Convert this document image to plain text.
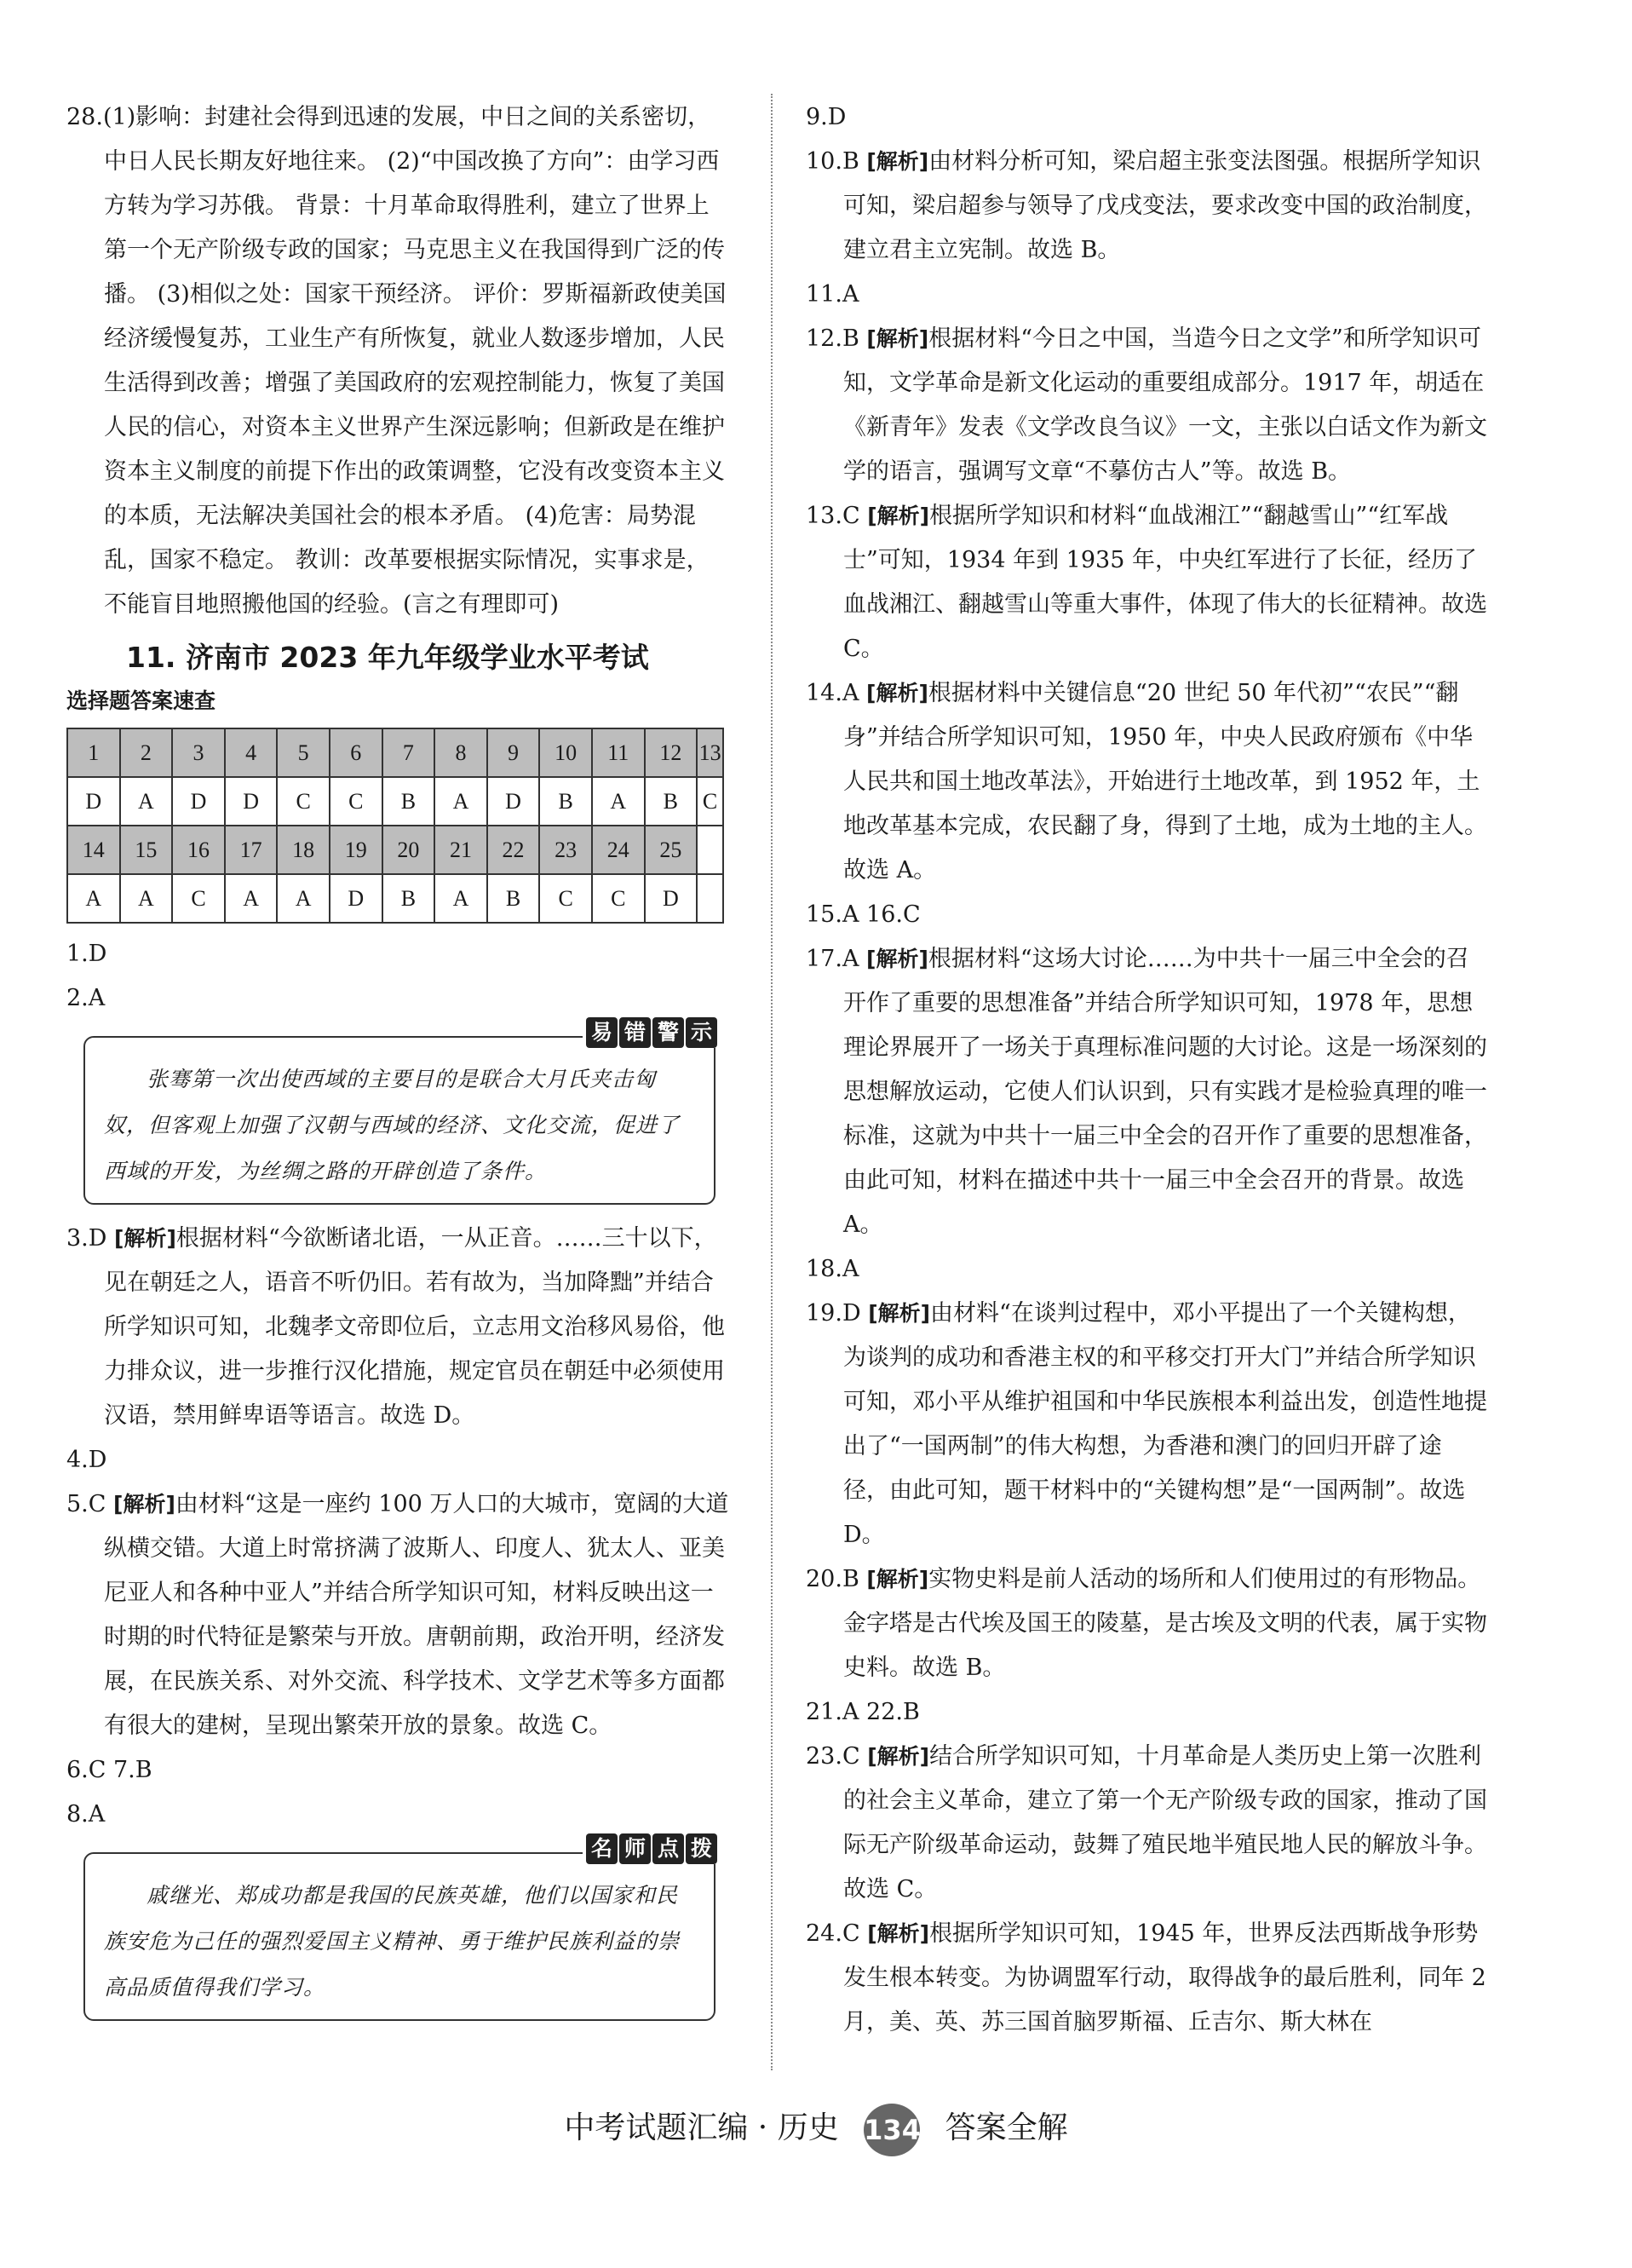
28.(1)影响：封建社会得到迅速的发展，中日之间的关系密切，中日人民长期友好地往来。 (2)“中国改换了方向”：由学习西方转为学习苏俄。 背景：十月革命取得胜利，建立了世界上第一个无产阶级专政的国家；马克思主义在我国得到广泛的传播。 (3)相似之处：国家干预经济。 评价：罗斯福新政使美国经济缓慢复苏，工业生产有所恢复，就业人数逐步增加，人民生活得到改善；增强了美国政府的宏观控制能力，恢复了美国人民的信心，对资本主义世界产生深远影响；但新政是在维护资本主义制度的前提下作出的政策调整，它没有改变资本主义的本质，无法解决美国社会的根本矛盾。 (4)危害：局势混乱，国家不稳定。 教训：改革要根据实际情况，实事求是，不能盲目地照搬他国的经验。(言之有理即可)

11. 济南市 2023 年九年级学业水平考试
选择题答案速查
1	2	3	4	5	6	7	8	9	10	11	12	13
D	A	D	D	C	C	B	A	D	B	A	B	C
14	15	16	17	18	19	20	21	22	23	24	25	
A	A	C	A	A	D	B	A	B	C	C	D	

1.D

2.A

易 错 警 示
张骞第一次出使西域的主要目的是联合大月氏夹击匈奴，但客观上加强了汉朝与西域的经济、文化交流，促进了西域的开发，为丝绸之路的开辟创造了条件。

3.D [解析]根据材料“今欲断诸北语，一从正音。……三十以下，见在朝廷之人，语音不听仍旧。若有故为，当加降黜”并结合所学知识可知，北魏孝文帝即位后，立志用文治移风易俗，他力排众议，进一步推行汉化措施，规定官员在朝廷中必须使用汉语，禁用鲜卑语等语言。故选 D。

4.D

5.C [解析]由材料“这是一座约 100 万人口的大城市，宽阔的大道纵横交错。大道上时常挤满了波斯人、印度人、犹太人、亚美尼亚人和各种中亚人”并结合所学知识可知，材料反映出这一时期的时代特征是繁荣与开放。唐朝前期，政治开明，经济发展，在民族关系、对外交流、科学技术、文学艺术等多方面都有很大的建树，呈现出繁荣开放的景象。故选 C。

6.C 7.B

8.A

名 师 点 拨
戚继光、郑成功都是我国的民族英雄，他们以国家和民族安危为己任的强烈爱国主义精神、勇于维护民族利益的崇高品质值得我们学习。

9.D

10.B [解析]由材料分析可知，梁启超主张变法图强。根据所学知识可知，梁启超参与领导了戊戌变法，要求改变中国的政治制度，建立君主立宪制。故选 B。

11.A

12.B [解析]根据材料“今日之中国，当造今日之文学”和所学知识可知，文学革命是新文化运动的重要组成部分。1917 年，胡适在《新青年》发表《文学改良刍议》一文，主张以白话文作为新文学的语言，强调写文章“不摹仿古人”等。故选 B。

13.C [解析]根据所学知识和材料“血战湘江”“翻越雪山”“红军战士”可知，1934 年到 1935 年，中央红军进行了长征，经历了血战湘江、翻越雪山等重大事件，体现了伟大的长征精神。故选 C。

14.A [解析]根据材料中关键信息“20 世纪 50 年代初”“农民”“翻身”并结合所学知识可知，1950 年，中央人民政府颁布《中华人民共和国土地改革法》，开始进行土地改革，到 1952 年，土地改革基本完成，农民翻了身，得到了土地，成为土地的主人。故选 A。

15.A 16.C

17.A [解析]根据材料“这场大讨论……为中共十一届三中全会的召开作了重要的思想准备”并结合所学知识可知，1978 年，思想理论界展开了一场关于真理标准问题的大讨论。这是一场深刻的思想解放运动，它使人们认识到，只有实践才是检验真理的唯一标准，这就为中共十一届三中全会的召开作了重要的思想准备，由此可知，材料在描述中共十一届三中全会召开的背景。故选 A。

18.A

19.D [解析]由材料“在谈判过程中，邓小平提出了一个关键构想，为谈判的成功和香港主权的和平移交打开大门”并结合所学知识可知，邓小平从维护祖国和中华民族根本利益出发，创造性地提出了“一国两制”的伟大构想，为香港和澳门的回归开辟了途径，由此可知，题干材料中的“关键构想”是“一国两制”。故选 D。

20.B [解析]实物史料是前人活动的场所和人们使用过的有形物品。金字塔是古代埃及国王的陵墓，是古埃及文明的代表，属于实物史料。故选 B。

21.A 22.B

23.C [解析]结合所学知识可知，十月革命是人类历史上第一次胜利的社会主义革命，建立了第一个无产阶级专政的国家，推动了国际无产阶级革命运动，鼓舞了殖民地半殖民地人民的解放斗争。故选 C。

24.C [解析]根据所学知识可知，1945 年，世界反法西斯战争形势发生根本转变。为协调盟军行动，取得战争的最后胜利，同年 2 月，美、英、苏三国首脑罗斯福、丘吉尔、斯大林在

中考试题汇编 · 历史 134 答案全解
